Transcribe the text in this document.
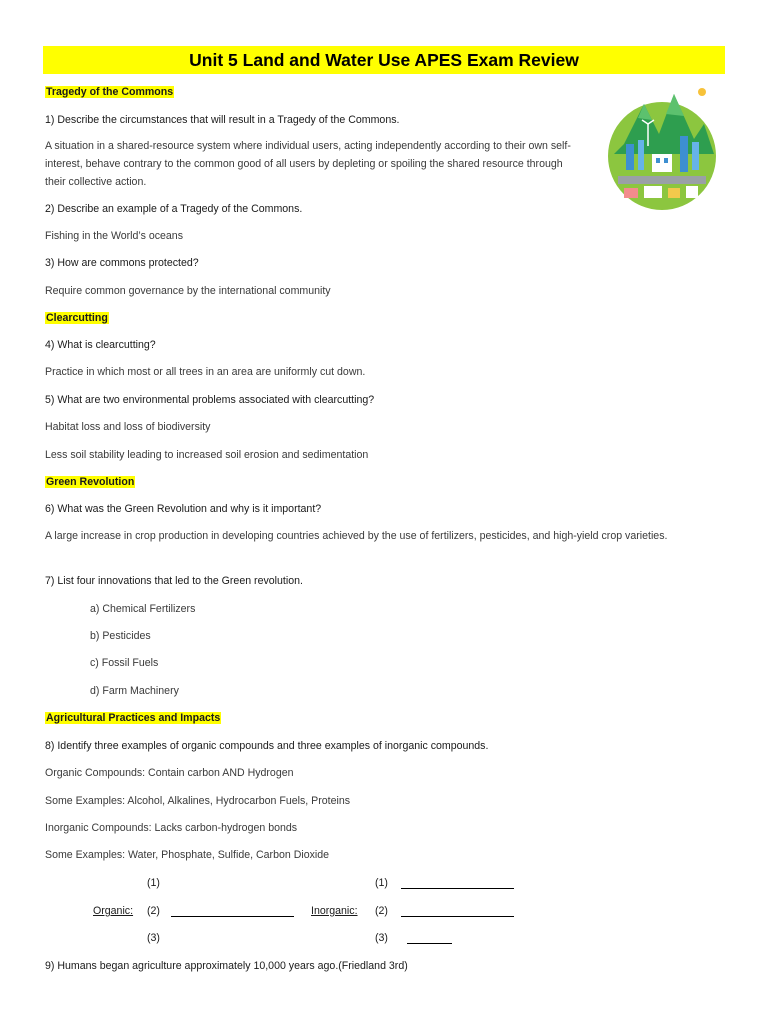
Unit 5 Land and Water Use APES Exam Review
Tragedy of the Commons
1) Describe the circumstances that will result in a Tragedy of the Commons.
A situation in a shared-resource system where individual users, acting independently according to their own self-interest, behave contrary to the common good of all users by depleting or spoiling the shared resource through their collective action.
2) Describe an example of a Tragedy of the Commons.
Fishing in the World’s oceans
3) How are commons protected?
Require common governance by the international community
Clearcutting
4) What is clearcutting?
Practice in which most or all trees in an area are uniformly cut down.
5) What are two environmental problems associated with clearcutting?
Habitat loss and loss of biodiversity
Less soil stability leading to increased soil erosion and sedimentation
Green Revolution
6) What was the Green Revolution and why is it important?
A large increase in crop production in developing countries achieved by the use of fertilizers, pesticides, and high-yield crop varieties.
7) List four innovations that led to the Green revolution.
a) Chemical Fertilizers
b) Pesticides
c) Fossil Fuels
d) Farm Machinery
Agricultural Practices and Impacts
8) Identify three examples of organic compounds and three examples of inorganic compounds.
Organic Compounds: Contain carbon AND Hydrogen
Some Examples: Alcohol, Alkalines, Hydrocarbon Fuels, Proteins
Inorganic Compounds: Lacks carbon-hydrogen bonds
Some Examples: Water, Phosphate, Sulfide, Carbon Dioxide
(1)	(1)
Organic: (2)	Inorganic: (2)
(3)	(3)
9) Humans began agriculture approximately 10,000 years ago.(Friedland 3rd)
